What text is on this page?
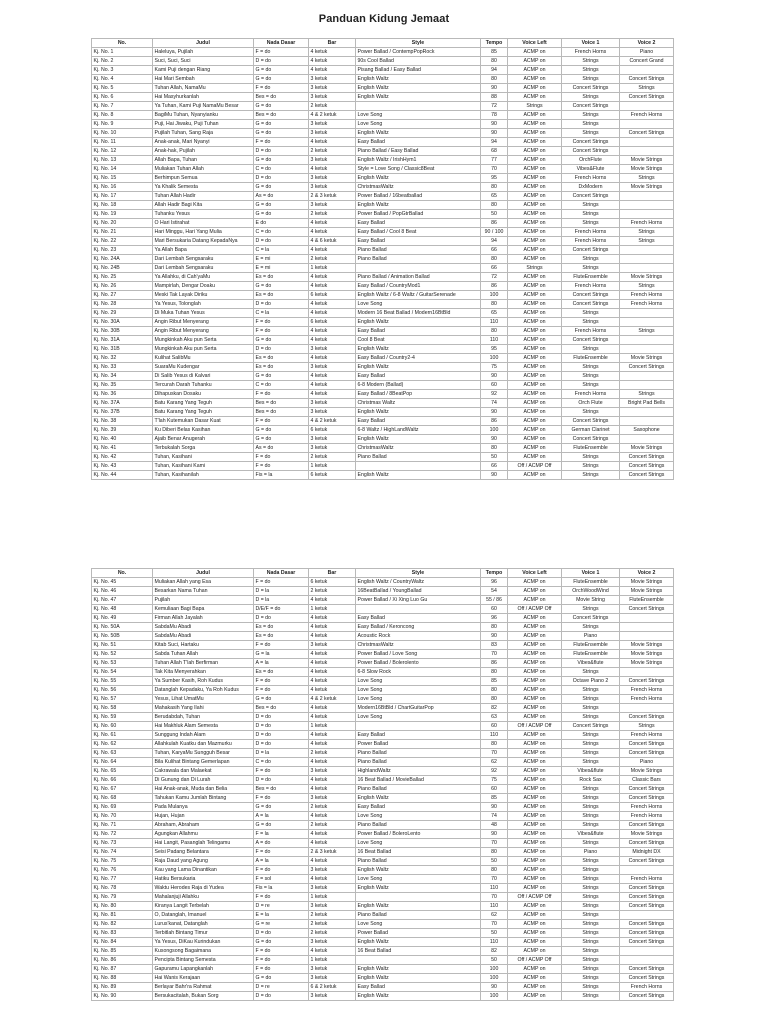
Panduan Kidung Jemaat
No.	Judul	Nada Dasar	Bar	Style	Tempo	Voice Left	Voice 1	Voice 2
Kj. No. 1	Haleluya, Pujilah	F = do	4 ketuk	Power Ballad / ContempPopRock	85	ACMP on	French Horns	Piano
Kj. No. 2	Suci, Suci, Suci	D = do	4 ketuk	90s Cool Ballad	80	ACMP on	Strings	Concert Grand
Kj. No. 3	Kami Puji dengan Riang	G = do	4 ketuk	Pisang Ballad / Easy Ballad	94	ACMP on	Strings	
Kj. No. 4	Hai Mari Sembah	G = do	3 ketuk	English Waltz	80	ACMP on	Strings	Concert Strings
Kj. No. 5	Tuhan Allah, NamaMu	F = do	3 ketuk	English Waltz	90	ACMP on	Concert Strings	Strings
Kj. No. 6	Hai Masyhurkanlah	Bes = do	3 ketuk	English Waltz	88	ACMP on	Strings	Concert Strings
Kj. No. 7	Ya Tuhan, Kami Puji NamaMu Besar	G = do	2 ketuk		72	Strings	Concert Strings	
Kj. No. 8	BagiMu Tuhan, Nyanyianku	Bes = do	4 & 2 ketuk	Love Song	78	ACMP on	Strings	French Horns
Kj. No. 9	Puji, Hai Jiwaku, Puji Tuhan	G = do	3 ketuk	Love Song	90	ACMP on	Strings	
Kj. No. 10	Pujilah Tuhan, Sang Raja	G = do	3 ketuk	English Waltz	90	ACMP on	Strings	Concert Strings
Kj. No. 11	Anak-anak, Mari Nyanyi	F = do	4 ketuk	Easy Ballad	94	ACMP on	Concert Strings	
Kj. No. 12	Anak-hak, Pujilah	D = do	2 ketuk	Piano Ballad / Easy Ballad	68	ACMP on	Concert Strings	
Kj. No. 13	Allah Bapa, Tuhan	G = do	3 ketuk	English Waltz / IrishHym1	77	ACMP on	OrchFlute	Movie Strings
Kj. No. 14	Muliakan Tuhan Allah	C = do	4 ketuk	Style = Love Song / Classic8Beat	70	ACMP on	Vibes&Flute	Movie Strings
Kj. No. 15	Berhimpun Semua	D = do	3 ketuk	English Waltz	95	ACMP on	French Horns	Strings
Kj. No. 16	Ya Khalik Semesta	G = do	3 ketuk	ChristmasWaltz	80	ACMP on	DxModern	Movie Strings
Kj. No. 17	Tuhan Allah Hadir	As = do	2 & 3 ketuk	Power Ballad / 16beatballad	65	ACMP on	Concert Strings	
Kj. No. 18	Allah Hadir Bagi Kita	G = do	3 ketuk	English Waltz	80	ACMP on	Strings	
Kj. No. 19	Tuhanku Yesus	G = do	2 ketuk	Power Ballad / PopGtrBallad	50	ACMP on	Strings	
Kj. No. 20	O Hari Istirahat	E do	4 ketuk	Easy Ballad	86	ACMP on	Strings	French Horns
Kj. No. 21	Hari Minggu, Hari Yang Mulia	C = do	4 ketuk	Easy Ballad / Cool 8 Beat	90 / 100	ACMP on	French Horns	Strings
Kj. No. 22	Mari Bersukaria Datang KepadaNya	D = do	4 & 6 ketuk	Easy Ballad	94	ACMP on	French Horns	Strings
Kj. No. 23	Ya Allah Bapa	C = la	4 ketuk	Piano Ballad	66	ACMP on	Concert Strings	
Kj. No. 24A	Dari Lembah Sengsaraku	E = mi	2 ketuk	Piano Ballad	80	ACMP on	Strings	
Kj. No. 24B	Dari Lembah Sengsaraku	E = mi	1 ketuk		66	Strings	Strings	
Kj. No. 25	Ya Allahku, di Cah'yaMu	Es = do	4 ketuk	Piano Ballad / Animation Ballad	72	ACMP on	FluteEnsemble	Movie Strings
Kj. No. 26	Mampirlah, Dengar Doaku	G = do	4 ketuk	Easy Ballad / CountryMod1	86	ACMP on	French Horns	Strings
Kj. No. 27	Meski Tak Layak Diriku	Es = do	6 ketuk	English Waltz / 6-8 Waltz / GuitarSerenade	100	ACMP on	Concert Strings	French Horns
Kj. No. 28	Ya Yesus, Tolonglah	D = do	4 ketuk	Love Song	80	ACMP on	Concert Strings	French Horns
Kj. No. 29	Di Muka Tuhan Yesus	C = la	4 ketuk	Modern 16 Beat Ballad / Modern16BtBld	65	ACMP on	Strings	
Kj. No. 30A	Angin Ribut Menyerang	F = do	6 ketuk	English Waltz	110	ACMP on	Strings	
Kj. No. 30B	Angin Ribut Menyerang	F = do	4 ketuk	Easy Ballad	80	ACMP on	French Horns	Strings
Kj. No. 31A	Mungkinkah Aku pun Serta	G = do	4 ketuk	Cool 8 Beat	110	ACMP on	Concert Strings	
Kj. No. 31B	Mungkinkah Aku pun Serta	D = do	3 ketuk	English Waltz	95	ACMP on	Strings	
Kj. No. 32	Kulihat SalibMu	Es = do	4 ketuk	Easy Ballad / Country2-4	100	ACMP on	FluteEnsemble	Movie Strings
Kj. No. 33	SuaraMu Kudengar	Es = do	3 ketuk	English Waltz	75	ACMP on	Strings	Concert Strings
Kj. No. 34	Di Salib Yesus di Kalvari	G = do	4 ketuk	Easy Ballad	90	ACMP on	Strings	
Kj. No. 35	Tercurah Darah Tuhanku	C = do	4 ketuk	6-8 Modern (Ballad)	60	ACMP on	Strings	
Kj. No. 36	Dihapuskan Dosaku	F = do	4 ketuk	Easy Ballad / 8BeatPop	92	ACMP on	French Horns	Strings
Kj. No. 37A	Batu Karang Yang Teguh	Bes = do	3 ketuk	Christmas Waltz	74	ACMP on	Orch Flute	Bright Pad Bells
Kj. No. 37B	Batu Karang Yang Teguh	Bes = do	3 ketuk	English Waltz	90	ACMP on	Strings	
Kj. No. 38	T'lah Kutemukan Dasar Kuat	F = do	4 & 2 ketuk	Easy Ballad	86	ACMP on	Concert Strings	
Kj. No. 39	Ku Diberi Belas Kasihan	G = do	6 ketuk	6-8 Waltz / HighLandWaltz	100	ACMP on	German Clarinet	Saxophone
Kj. No. 40	Ajaib Benar Anugerah	G = do	3 ketuk	English Waltz	90	ACMP on	Concert Strings	
Kj. No. 41	Terbukalah Sorga	As = do	3 ketuk	ChristmasWaltz	80	ACMP on	FluteEnsemble	Movie Strings
Kj. No. 42	Tuhan, Kasihani	F = do	2 ketuk	Piano Ballad	50	ACMP on	Strings	Concert Strings
Kj. No. 43	Tuhan, Kasihani Kami	F = do	1 ketuk		66	Off / ACMP Off	Strings	Concert Strings
Kj. No. 44	Tuhan, Kasihanilah	Fis = la	6 ketuk	English Waltz	90	ACMP on	Strings	Concert Strings
No.	Judul	Nada Dasar	Bar	Style	Tempo	Voice Left	Voice 1	Voice 2
Kj. No. 45	Muliakan Allah yang Esa	F = do	6 ketuk	English Waltz / CountryWaltz	96	ACMP on	FluteEnsemble	Movie Strings
Kj. No. 46	Besarkan Nama Tuhan	D = la	2 ketuk	16BeatBallad / YoungBallad	54	ACMP on	OrchWoodWind	Movie Strings
Kj. No. 47	Pujilah	D = la	4 ketuk	Power Ballad / Xi Xing Luo Gu	55 / 86	ACMP on	Movie String	FluteEnsemble
Kj. No. 48	Kemuliaan Bagi Bapa	D/E/F = do	1 ketuk		60	Off / ACMP Off	Strings	Concert Strings
Kj. No. 49	Firman Allah Jayalah	D = do	4 ketuk	Easy Ballad	96	ACMP on	Concert Strings	
Kj. No. 50A	SabdaMu Abadi	Es = do	4 ketuk	Easy Ballad / Keroncong	80	ACMP on	Strings	
Kj. No. 50B	SabdaMu Abadi	Es = do	4 ketuk	Acoustic Rock	90	ACMP on	Piano	
Kj. No. 51	Kitab Suci, Hartaku	F = do	3 ketuk	ChristmasWaltz	83	ACMP on	FluteEnsemble	Movie Strings
Kj. No. 52	Sabda Tuhan Allah	G = la	4 ketuk	Power Ballad / Love Song	70	ACMP on	FluteEnsemble	Movie Strings
Kj. No. 53	Tuhan Allah T'lah Berfirman	A = la	4 ketuk	Power Ballad / Bolerolento	86	ACMP on	Vibes&flute	Movie Strings
Kj. No. 54	Tak Kita Menyerahkan	Es = do	4 ketuk	6-8 Slow Rock	80	ACMP on	Strings	
Kj. No. 55	Ya Sumber Kasih, Roh Kudus	F = do	4 ketuk	Love Song	85	ACMP on	Octave Piano 2	Concert Strings
Kj. No. 56	Datanglah Kepadaku, Ya Roh Kudus	F = do	4 ketuk	Love Song	80	ACMP on	Strings	French Horns
Kj. No. 57	Yesus, Lihat UmatMu	G = do	4 & 2 ketuk	Love Song	80	ACMP on	Strings	French Horns
Kj. No. 58	Mahakasih Yang Ilahi	Bes = do	4 ketuk	Modern16BtBld / ChartGuitarPop	82	ACMP on	Strings	
Kj. No. 59	Berudabdah, Tuhan	D = do	4 ketuk	Love Song	63	ACMP on	Strings	Concert Strings
Kj. No. 60	Hai Makhluk Alam Semesta	D = do	1 ketuk		60	Off / ACMP Off	Concert Strings	Strings
Kj. No. 61	Sunggung Indah Alam	D = do	4 ketuk	Easy Ballad	110	ACMP on	Strings	French Horns
Kj. No. 62	Allahkulah Kuatku dan Mazmurku	D = do	4 ketuk	Power Ballad	80	ACMP on	Strings	Concert Strings
Kj. No. 63	Tuhan, KaryaMu Sungguh Besar	D = la	2 ketuk	Piano Ballad	70	ACMP on	Strings	Concert Strings
Kj. No. 64	Bila Kulihat Bintang Gemerlapan	C = do	4 ketuk	Piano Ballad	62	ACMP on	Strings	Piano
Kj. No. 65	Cakrawala dan Malaekat	F = do	3 ketuk	HighlandWaltz	92	ACMP on	Vibes&flute	Movie Strings
Kj. No. 66	Di Gunung dan Di Lurah	D = do	4 ketuk	16 Beat Ballad / MovieBallad	75	ACMP on	Rock Sax	Classic Bars
Kj. No. 67	Hai Anak-anak, Muda dan Belia	Bes = do	4 ketuk	Piano Ballad	60	ACMP on	Strings	Concert Strings
Kj. No. 68	Tahukan Kamu Jumlah Bintang	F = do	3 ketuk	English Waltz	85	ACMP on	Strings	Concert Strings
Kj. No. 69	Pada Mulanya	G = do	2 ketuk	Easy Ballad	90	ACMP on	Strings	French Horns
Kj. No. 70	Hujan, Hujan	A = la	4 ketuk	Love Song	74	ACMP on	Strings	French Horns
Kj. No. 71	Abraham, Abraham	G = do	2 ketuk	Piano Ballad	48	ACMP on	Strings	Concert Strings
Kj. No. 72	Agungkan Allahmu	F = la	4 ketuk	Power Ballad / BoleroLento	90	ACMP on	Vibes&flute	Movie Strings
Kj. No. 73	Hai Langit, Pasanglah Telingamu	A = do	4 ketuk	Love Song	70	ACMP on	Strings	Concert Strings
Kj. No. 74	Seisi Padang Belantara	F = do	2 & 3 ketuk	16 Beat Ballad	80	ACMP on	Piano	Midnight DX
Kj. No. 75	Raja Daud yang Agung	A = la	4 ketuk	Piano Ballad	50	ACMP on	Strings	Concert Strings
Kj. No. 76	Kau yang Lama Dinantikan	F = do	3 ketuk	English Waltz	80	ACMP on	Strings	
Kj. No. 77	Hatiku Bersukaria	F = sol	4 ketuk	Love Song	70	ACMP on	Strings	French Horns
Kj. No. 78	Waktu Herodes Raja di Yudea	Fis = la	3 ketuk	English Waltz	110	ACMP on	Strings	Concert Strings
Kj. No. 79	Mahalanjuji Allahku	F = do	1 ketuk		70	Off / ACMP Off	Strings	Concert Strings
Kj. No. 80	Kiranya Langit Terbelah	D = re	3 ketuk	English Waltz	110	ACMP on	Strings	Concert Strings
Kj. No. 81	O, Datanglah, Imanuel	E = la	2 ketuk	Piano Ballad	62	ACMP on	Strings	
Kj. No. 82	Lurus'kanat, Datanglah	G = re	2 ketuk	Love Song	70	ACMP on	Strings	Concert Strings
Kj. No. 83	Terbitlah Bintang Timur	D = do	2 ketuk	Power Ballad	50	ACMP on	Strings	Concert Strings
Kj. No. 84	Ya Yesus, DiKau Kurindukan	G = do	3 ketuk	English Waltz	110	ACMP on	Strings	Concert Strings
Kj. No. 85	Kusongsong Bagaimana	F = do	4 ketuk	16 Beat Ballad	82	ACMP on	Strings	
Kj. No. 86	Pencipta Bintang Semesta	F = do	1 ketuk		50	Off / ACMP Off	Strings	
Kj. No. 87	Gapuramu Lapangkanlah	F = do	3 ketuk	English Waltz	100	ACMP on	Strings	Concert Strings
Kj. No. 88	Hai Wanis Kerajaan	G = do	3 ketuk	English Waltz	100	ACMP on	Strings	Concert Strings
Kj. No. 89	Berlayar Bahr'ra Rahmat	D = re	6 & 2 ketuk	Easy Ballad	90	ACMP on	Strings	French Horns
Kj. No. 90	Bersukacitalah, Bukan Sorg	D = do	3 ketuk	English Waltz	100	ACMP on	Strings	Concert Strings
